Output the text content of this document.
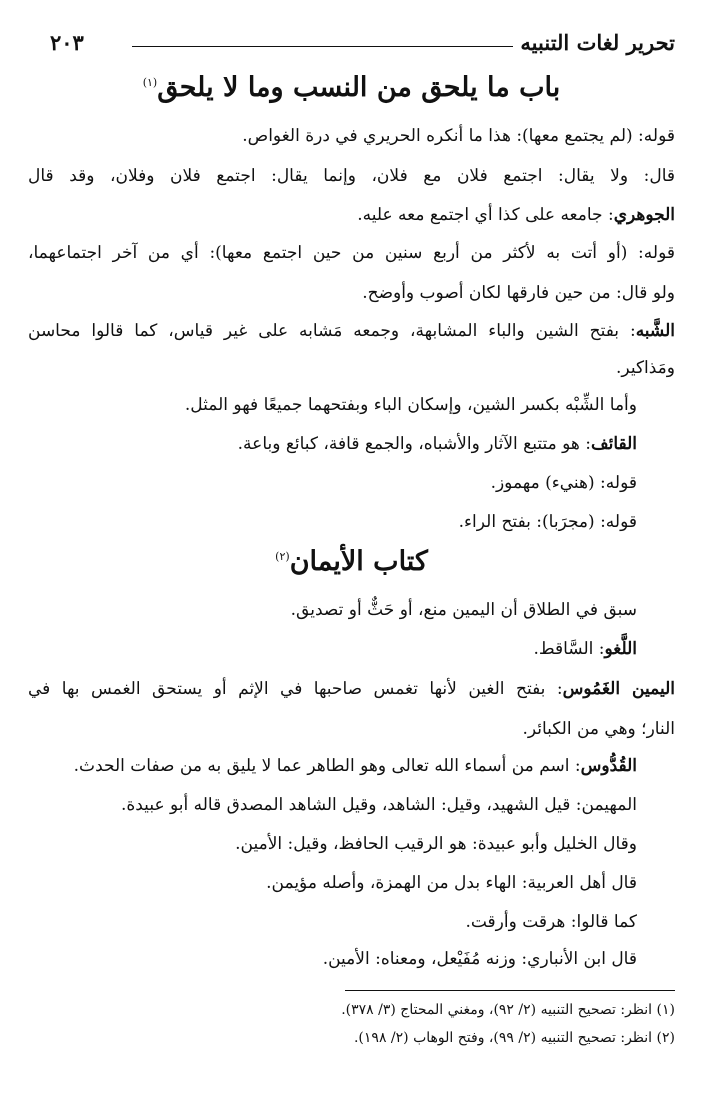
تحرير لغات التنبيه
٢٠٣
باب ما يلحق من النسب وما لا يلحق$^{(١)}$
قوله: (لم يجتمع معها): هذا ما أنكره الحريري في درة الغواص.
قال: ولا يقال: اجتمع فلان مع فلان، وإنما يقال: اجتمع فلان وفلان، وقد قال
الجوهري: جامعه على كذا أي اجتمع معه عليه.
قوله: (أو أتت به لأكثر من أربع سنين من حين اجتمع معها): أي من آخر اجتماعهما،
ولو قال: من حين فارقها لكان أصوب وأوضح.
الشَّبه: بفتح الشين والباء المشابهة، وجمعه مَشابه على غير قياس، كما قالوا محاسن
ومَذاكير.
وأما الشِّبْه بكسر الشين، وإسكان الباء وبفتحهما جميعًا فهو المثل.
القائف: هو متتبع الآثار والأشباه، والجمع قافة، كبائع وباعة.
قوله: (هنيء) مهموز.
قوله: (مجرَبا): بفتح الراء.
كتاب الأيمان$^{(٢)}$
سبق في الطلاق أن اليمين منع، أو حَثٌّ أو تصديق.
اللَّغو: السَّاقط.
اليمين الغَمُوس: بفتح الغين لأنها تغمس صاحبها في الإثم أو يستحق الغمس بها في
النار؛ وهي من الكبائر.
القُدُّوس: اسم من أسماء الله تعالى وهو الطاهر عما لا يليق به من صفات الحدث.
المهيمن: قيل الشهيد، وقيل: الشاهد، وقيل الشاهد المصدق قاله أبو عبيدة.
وقال الخليل وأبو عبيدة: هو الرقيب الحافظ، وقيل: الأمين.
قال أهل العربية: الهاء بدل من الهمزة، وأصله مؤيمن.
كما قالوا: هرقت وأرقت.
قال ابن الأنباري: وزنه مُفَيْعل، ومعناه: الأمين.
(١) انظر: تصحيح التنبيه (٢/ ٩٢)، ومغني المحتاج (٣/ ٣٧٨).
(٢) انظر: تصحيح التنبيه (٢/ ٩٩)، وفتح الوهاب (٢/ ١٩٨).
